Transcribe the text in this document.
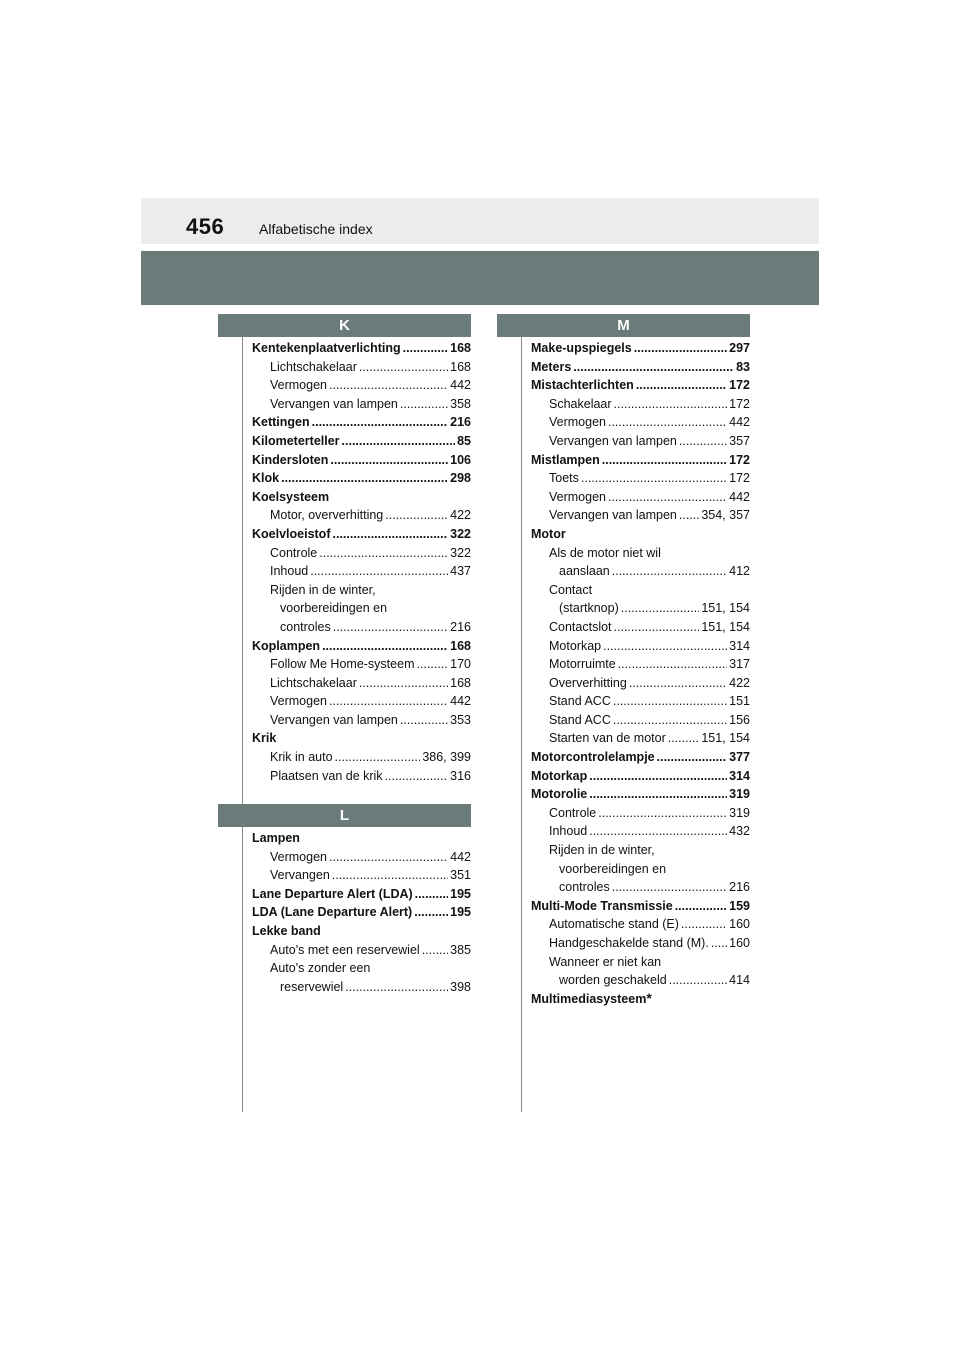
456 Alfabetische index
K
Kentekenplaatverlichting .....	168
Lichtschakelaar .....	168
Vermogen .....	442
Vervangen van lampen .....	358
Kettingen .....	216
Kilometerteller .....	85
Kindersloten .....	106
Klok .....	298
Koelsysteem
Motor, oververhitting .....	422
Koelvloeistof .....	322
Controle .....	322
Inhoud .....	437
Rijden in de winter,
voorbereidingen en
controles .....	216
Koplampen .....	168
Follow Me Home-systeem .....	170
Lichtschakelaar .....	168
Vermogen .....	442
Vervangen van lampen .....	353
Krik
Krik in auto .....	386, 399
Plaatsen van de krik .....	316
L
Lampen
Vermogen .....	442
Vervangen .....	351
Lane Departure Alert (LDA) .....	195
LDA (Lane Departure Alert) .....	195
Lekke band
Auto's met een reservewiel ..... 385
Auto's zonder een
reservewiel .....	398
M
Make-upspiegels .....	297
Meters .....	83
Mistachterlichten .....	172
Schakelaar .....	172
Vermogen .....	442
Vervangen van lampen .....	357
Mistlampen .....	172
Toets .....	172
Vermogen .....	442
Vervangen van lampen ..... 354, 357
Motor
Als de motor niet wil
aanslaan .....	412
Contact
(startknop) .....	151, 154
Contactslot .....	151, 154
Motorkap .....	314
Motorruimte .....	317
Oververhitting .....	422
Stand ACC .....	151
Stand ACC .....	156
Starten van de motor .....	151, 154
Motorcontrolelampje .....	377
Motorkap .....	314
Motorolie .....	319
Controle .....	319
Inhoud .....	432
Rijden in de winter,
voorbereidingen en
controles .....	216
Multi-Mode Transmissie .....	159
Automatische stand (E) .....	160
Handgeschakelde stand (M). ..... 160
Wanneer er niet kan
worden geschakeld .....	414
Multimediasysteem *
